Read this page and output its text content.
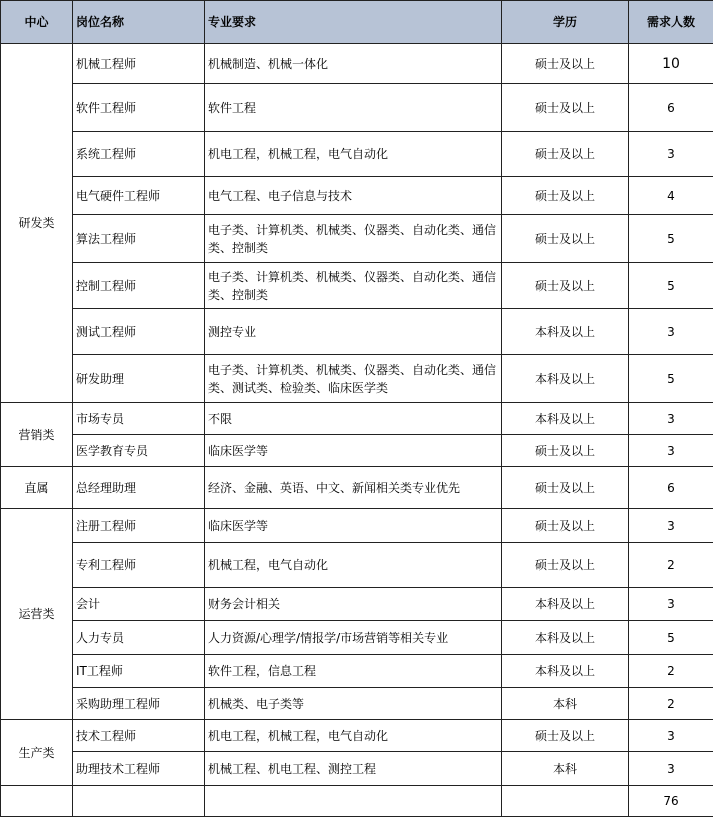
中心	岗位名称	专业要求	学历	需求人数
研发类	机械工程师	机械制造、机械一体化	硕士及以上	10
	软件工程师	软件工程	硕士及以上	6
	系统工程师	机电工程，机械工程，电气自动化	硕士及以上	3
	电气硬件工程师	电气工程、电子信息与技术	硕士及以上	4
	算法工程师	电子类、计算机类、机械类、仪器类、自动化类、通信类、控制类	硕士及以上	5
	控制工程师	电子类、计算机类、机械类、仪器类、自动化类、通信类、控制类	硕士及以上	5
	测试工程师	测控专业	本科及以上	3
	研发助理	电子类、计算机类、机械类、仪器类、自动化类、通信类、测试类、检验类、临床医学类	本科及以上	5
营销类	市场专员	不限	本科及以上	3
	医学教育专员	临床医学等	硕士及以上	3
直属	总经理助理	经济、金融、英语、中文、新闻相关类专业优先	硕士及以上	6
运营类	注册工程师	临床医学等	硕士及以上	3
	专利工程师	机械工程，电气自动化	硕士及以上	2
	会计	财务会计相关	本科及以上	3
	人力专员	人力资源/心理学/情报学/市场营销等相关专业	本科及以上	5
	IT工程师	软件工程，信息工程	本科及以上	2
	采购助理工程师	机械类、电子类等	本科	2
生产类	技术工程师	机电工程，机械工程，电气自动化	硕士及以上	3
	助理技术工程师	机械工程、机电工程、测控工程	本科	3
				76
